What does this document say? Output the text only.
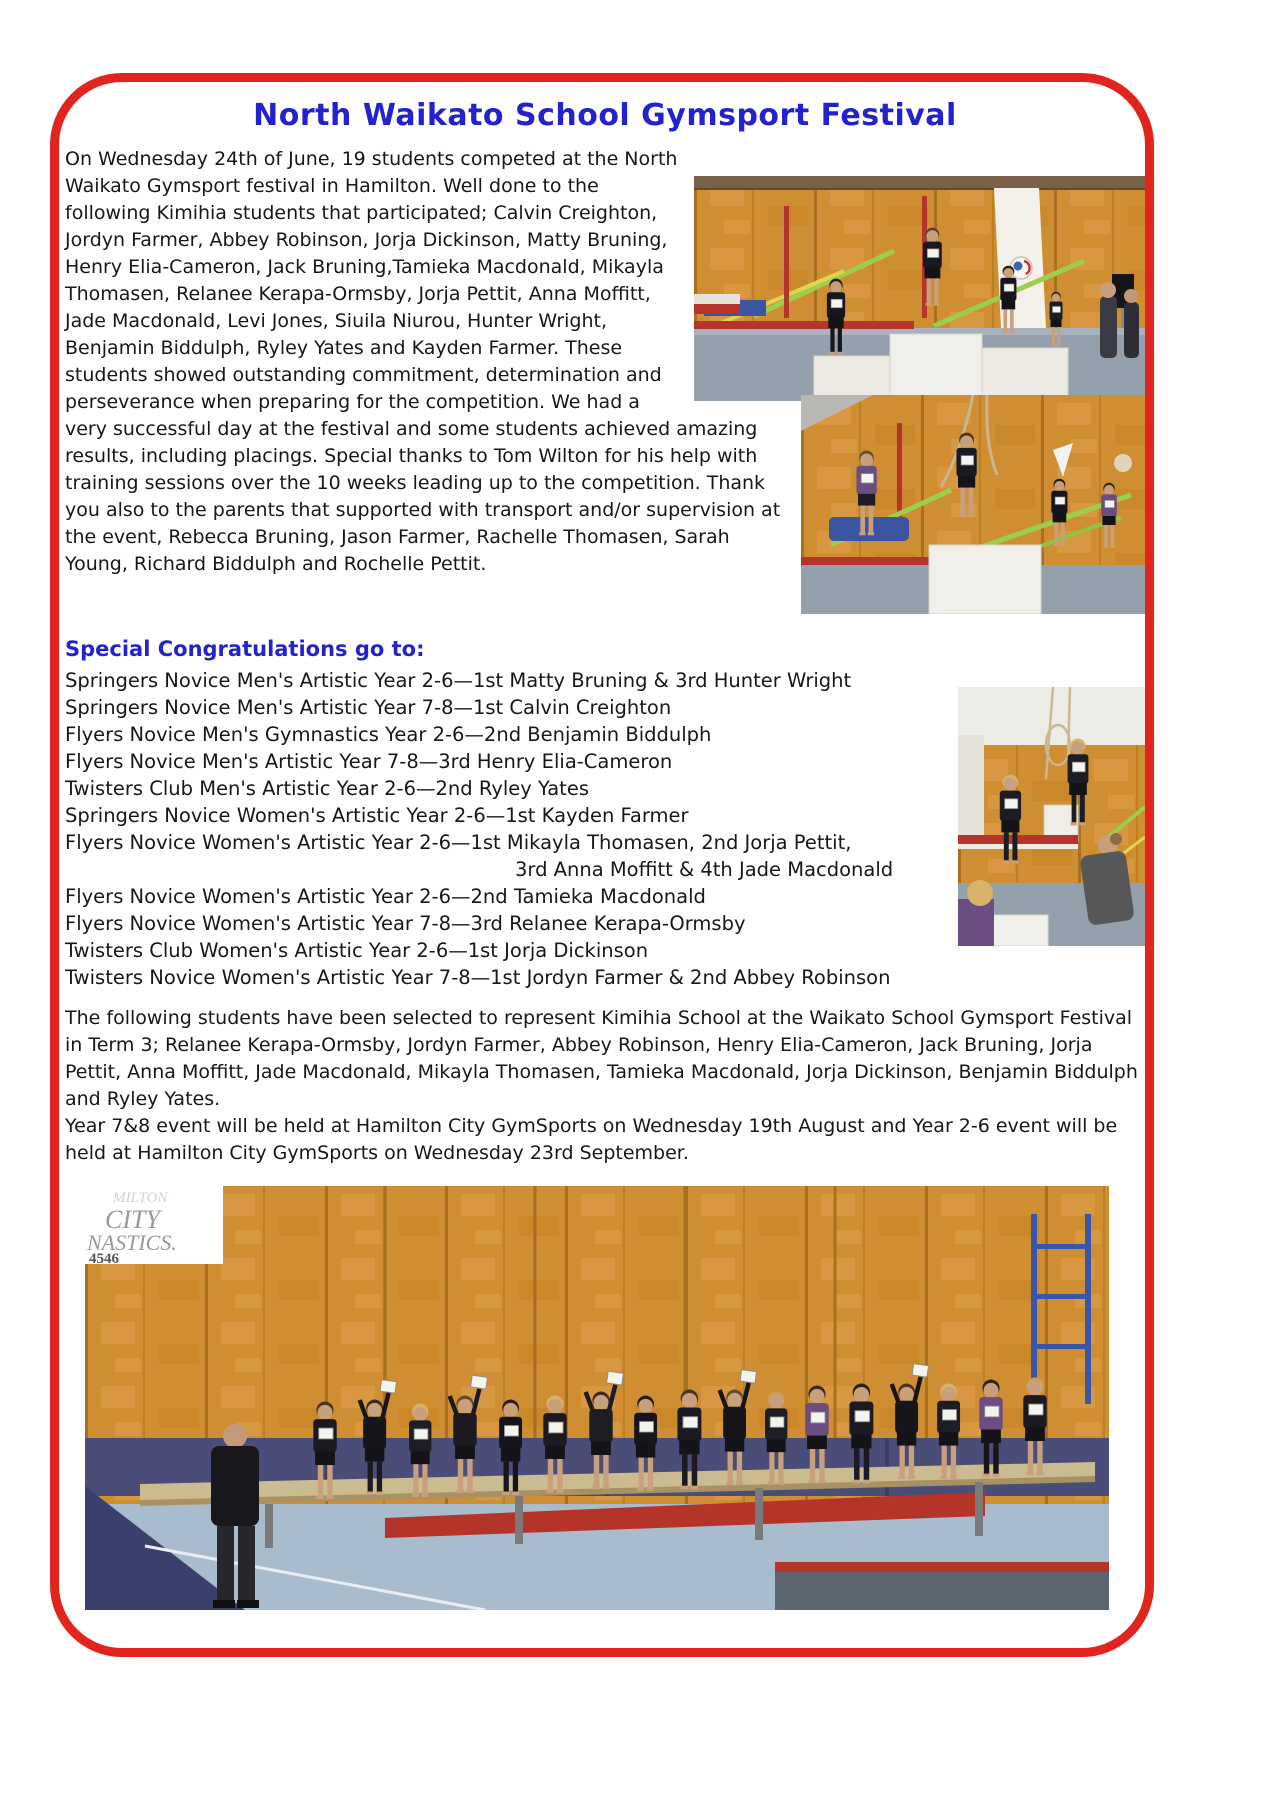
North Waikato School Gymsport Festival

On Wednesday 24th of June, 19 students competed at the North Waikato Gymsport festival in Hamilton. Well done to the following Kimihia students that participated; Calvin Creighton, Jordyn Farmer, Abbey Robinson, Jorja Dickinson, Matty Bruning, Henry Elia-Cameron, Jack Bruning,Tamieka Macdonald, Mikayla Thomasen, Relanee Kerapa-Ormsby, Jorja Pettit, Anna Moffitt, Jade Macdonald, Levi Jones, Siuila Niurou, Hunter Wright, Benjamin Biddulph, Ryley Yates and Kayden Farmer. These students showed outstanding commitment, determination and perseverance when preparing for the competition. We had a very successful day at the festival and some students achieved amazing results, including placings. Special thanks to Tom Wilton for his help with training sessions over the 10 weeks leading up to the competition. Thank you also to the parents that supported with transport and/or supervision at the event, Rebecca Bruning, Jason Farmer, Rachelle Thomasen, Sarah Young, Richard Biddulph and Rochelle Pettit.

Special Congratulations go to:
Springers Novice Men's Artistic Year 2-6—1st Matty Bruning & 3rd Hunter Wright
Springers Novice Men's Artistic Year 7-8—1st Calvin Creighton
Flyers Novice Men's Gymnastics Year 2-6—2nd Benjamin Biddulph
Flyers Novice Men's Artistic Year 7-8—3rd Henry Elia-Cameron
Twisters Club Men's Artistic Year 2-6—2nd Ryley Yates
Springers Novice Women's Artistic Year 2-6—1st Kayden Farmer
Flyers Novice Women's Artistic Year 2-6—1st Mikayla Thomasen, 2nd Jorja Pettit,
3rd Anna Moffitt & 4th Jade Macdonald
Flyers Novice Women's Artistic Year 2-6—2nd Tamieka Macdonald
Flyers Novice Women's Artistic Year 7-8—3rd Relanee Kerapa-Ormsby
Twisters Club Women's Artistic Year 2-6—1st Jorja Dickinson
Twisters Novice Women's Artistic Year 7-8—1st Jordyn Farmer & 2nd Abbey Robinson

The following students have been selected to represent Kimihia School at the Waikato School Gymsport Festival in Term 3; Relanee Kerapa-Ormsby, Jordyn Farmer, Abbey Robinson, Henry Elia-Cameron, Jack Bruning, Jorja Pettit, Anna Moffitt, Jade Macdonald, Mikayla Thomasen, Tamieka Macdonald, Jorja Dickinson, Benjamin Biddulph and Ryley Yates.

Year 7&8 event will be held at Hamilton City GymSports on Wednesday 19th August and Year 2-6 event will be held at Hamilton City GymSports on Wednesday 23rd September.

MILTON
CITY
NASTICS.
4546
